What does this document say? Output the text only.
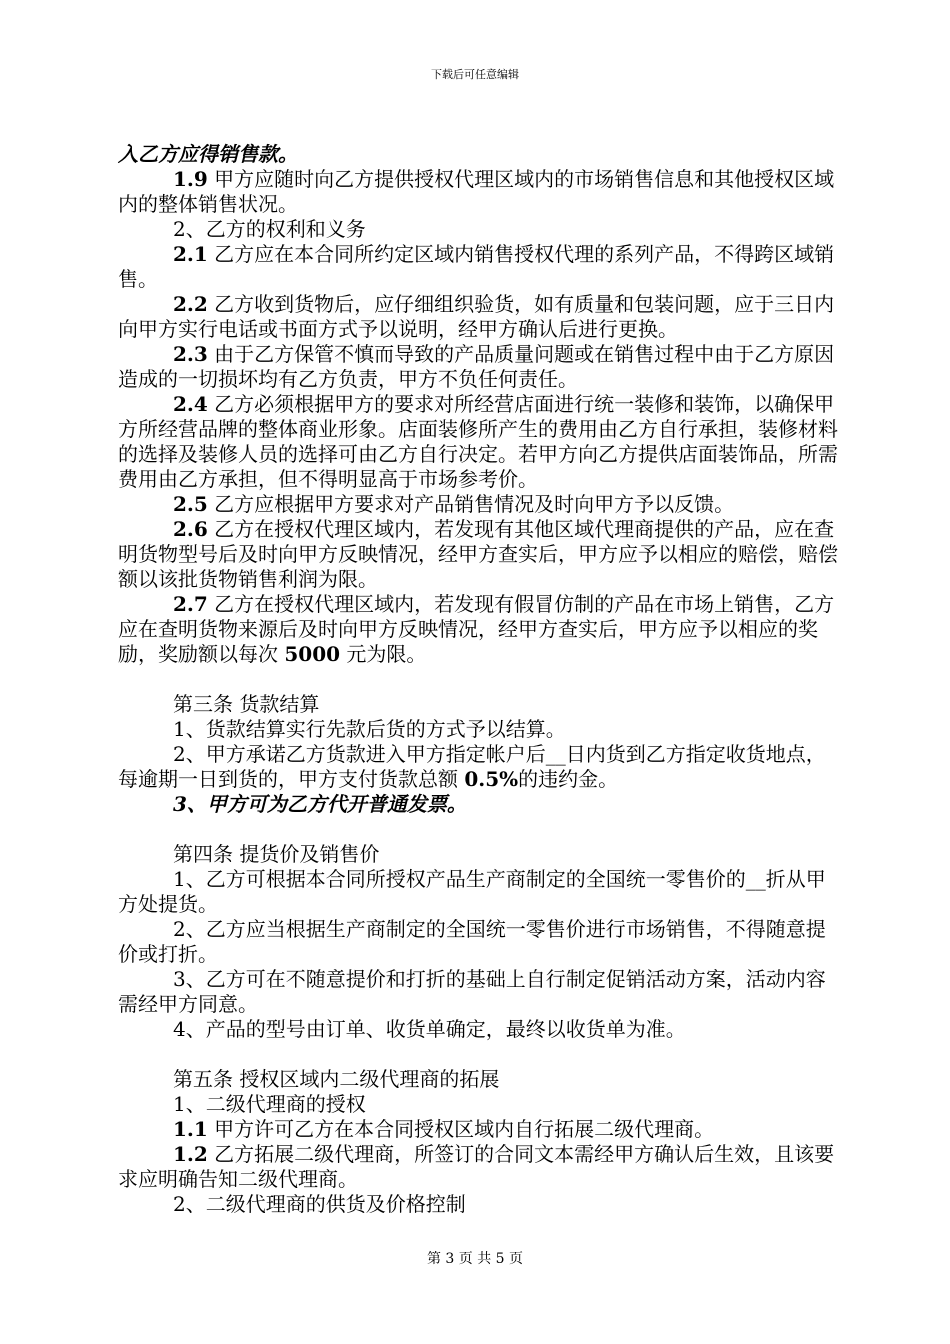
下载后可任意编辑

入乙方应得销售款。

1.9 甲方应随时向乙方提供授权代理区域内的市场销售信息和其他授权区域内的整体销售状况。

2、乙方的权利和义务

2.1 乙方应在本合同所约定区域内销售授权代理的系列产品，不得跨区域销售。

2.2 乙方收到货物后，应仔细组织验货，如有质量和包装问题，应于三日内向甲方实行电话或书面方式予以说明，经甲方确认后进行更换。

2.3 由于乙方保管不慎而导致的产品质量问题或在销售过程中由于乙方原因造成的一切损坏均有乙方负责，甲方不负任何责任。

2.4 乙方必须根据甲方的要求对所经营店面进行统一装修和装饰，以确保甲方所经营品牌的整体商业形象。店面装修所产生的费用由乙方自行承担，装修材料的选择及装修人员的选择可由乙方自行决定。若甲方向乙方提供店面装饰品，所需费用由乙方承担，但不得明显高于市场参考价。

2.5 乙方应根据甲方要求对产品销售情况及时向甲方予以反馈。

2.6 乙方在授权代理区域内，若发现有其他区域代理商提供的产品，应在查明货物型号后及时向甲方反映情况，经甲方查实后，甲方应予以相应的赔偿，赔偿额以该批货物销售利润为限。

2.7 乙方在授权代理区域内，若发现有假冒仿制的产品在市场上销售，乙方应在查明货物来源后及时向甲方反映情况，经甲方查实后，甲方应予以相应的奖励，奖励额以每次 5000 元为限。

第三条 货款结算

1、货款结算实行先款后货的方式予以结算。

2、甲方承诺乙方货款进入甲方指定帐户后__日内货到乙方指定收货地点，每逾期一日到货的，甲方支付货款总额 0.5%的违约金。

3、甲方可为乙方代开普通发票。

第四条 提货价及销售价

1、乙方可根据本合同所授权产品生产商制定的全国统一零售价的__折从甲方处提货。

2、乙方应当根据生产商制定的全国统一零售价进行市场销售，不得随意提价或打折。

3、乙方可在不随意提价和打折的基础上自行制定促销活动方案，活动内容需经甲方同意。

4、产品的型号由订单、收货单确定，最终以收货单为准。

第五条 授权区域内二级代理商的拓展

1、二级代理商的授权

1.1 甲方许可乙方在本合同授权区域内自行拓展二级代理商。

1.2 乙方拓展二级代理商，所签订的合同文本需经甲方确认后生效，且该要求应明确告知二级代理商。

2、二级代理商的供货及价格控制

第 3 页 共 5 页
